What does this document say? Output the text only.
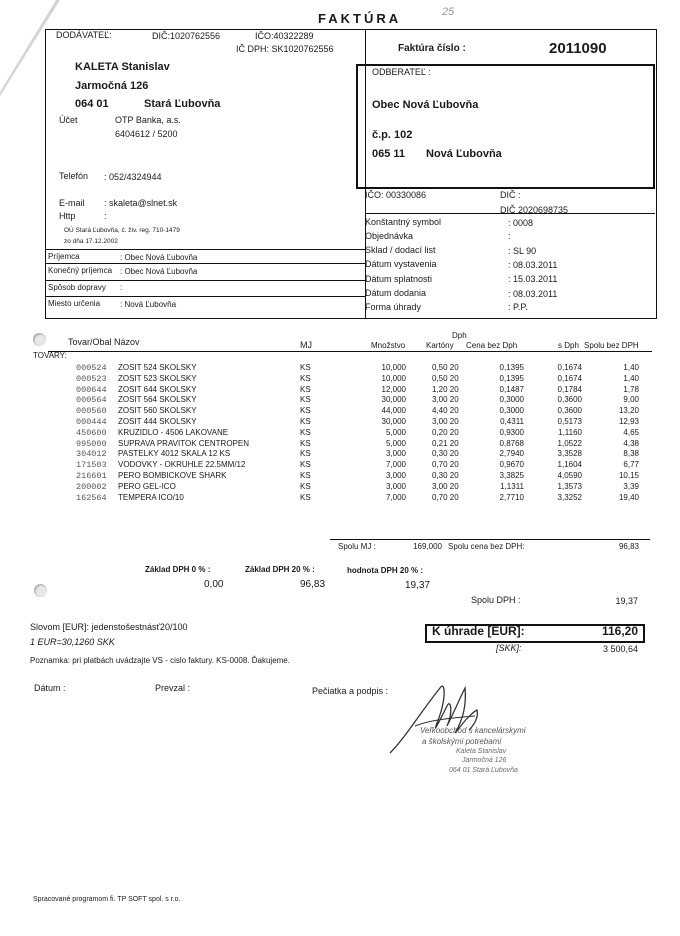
FAKTÚRA	25
DODÁVATEĽ:	DIČ:1020762556	IČO:40322289
IČ DPH: SK1020762556
KALETA Stanislav
Jarmočná 126
064 01	Stará Ľubovňa
Účet	OTP Banka, a.s.
6404612 / 5200
Telefón : 052/4324944
E-mail : skaleta@slnet.sk
Http	:
OÚ Stará Ľubovňa, č. živ. reg. 710-1479
zo dňa 17.12.2002
Príjemca	: Obec Nová Ľubovňa
Konečný príjemca : Obec Nová Ľubovňa
Spôsob dopravy :
Miesto určenia : Nová Ľubovňa
Faktúra číslo :	2011090
ODBERATEĽ :
Obec Nová Ľubovňa
č.p. 102
065 11 Nová Ľubovňa
IČO: 00330086	DIČ :
DIČ 2020698735
Konštantný symbol	: 0008
Objednávka	:
Sklad / dodací list	: SL 90
Dátum vystavenia	: 08.03.2011
Dátum splatnosti	: 15.03.2011
Dátum dodania	: 08.03.2011
Forma úhrady	: P.P.
Tovar/Obal Názov	MJ	Množstvo
Dph
Kartóny Cena bez Dph	s Dph Spolu bez DPH
TOVARY:
000524 ZOSIT 524 SKOLSKY	KS	10,000	0,50 20	0,1395	0,1674	1,40
000523 ZOSIT 523 SKOLSKY	KS	10,000	0,50 20	0,1395	0,1674	1,40
000644 ZOSIT 644 SKOLSKY	KS	12,000	1,20 20	0,1487	0,1784	1,78
000564 ZOSIT 564 SKOLSKY	KS	30,000	3,00 20	0,3000	0,3600	9,00
000560 ZOSIT 560 SKOLSKY	KS	44,000	4,40 20	0,3000	0,3600	13,20
000444 ZOSIT 444 SKOLSKY	KS	30,000	3,00 20	0,4311	0,5173	12,93
450600 KRUZIDLO - 4506 LAKOVANE	KS	5,000	0,20 20	0,9300	1,1160	4,65
995000 SUPRAVA PRAVITOK CENTROPEN	KS	5,000	0,21 20	0,8768	1,0522	4,38
304012 PASTELKY 4012 SKALA 12 KS	KS	3,000	0,30 20	2,7940	3,3528	8,38
171503 VODOVKY - OKRUHLE 22.5MM/12	KS	7,000	0,70 20	0,9670	1,1604	6,77
216601 PERO BOMBICKOVE SHARK	KS	3,000	0,30 20	3,3825	4,0590	10,15
200002 PERO GEL-ICO	KS	3,000	3,00 20	1,1311	1,3573	3,39
162564 TEMPERA ICO/10	KS	7,000	0,70 20	2,7710	3,3252	19,40
Spolu MJ :	169,000 Spolu cena bez DPH:	96,83
Základ DPH 0 % :
0,00
Základ DPH 20 % :
96,83
hodnota DPH 20 % :
19,37
Spolu DPH :	19,37
Slovom [EUR]: jedenstošestnásť20/100
1 EUR=30,1260 SKK
K úhrade [EUR]:	116,20
[SKK]:	3 500,64
Poznamka: pri platbách uvádzajte VS - cislo faktury. KS-0008. Ďakujeme.
Dátum :	Prevzal :	Pečiatka a podpis :
Veľkoobchod s kancelárskymi
a školskými potrebami
Kaleta Stanislav
Jarmočná 126
064 01 Stará Ľubovňa
Spracované programom fi. TP SOFT spol. s r.o.
